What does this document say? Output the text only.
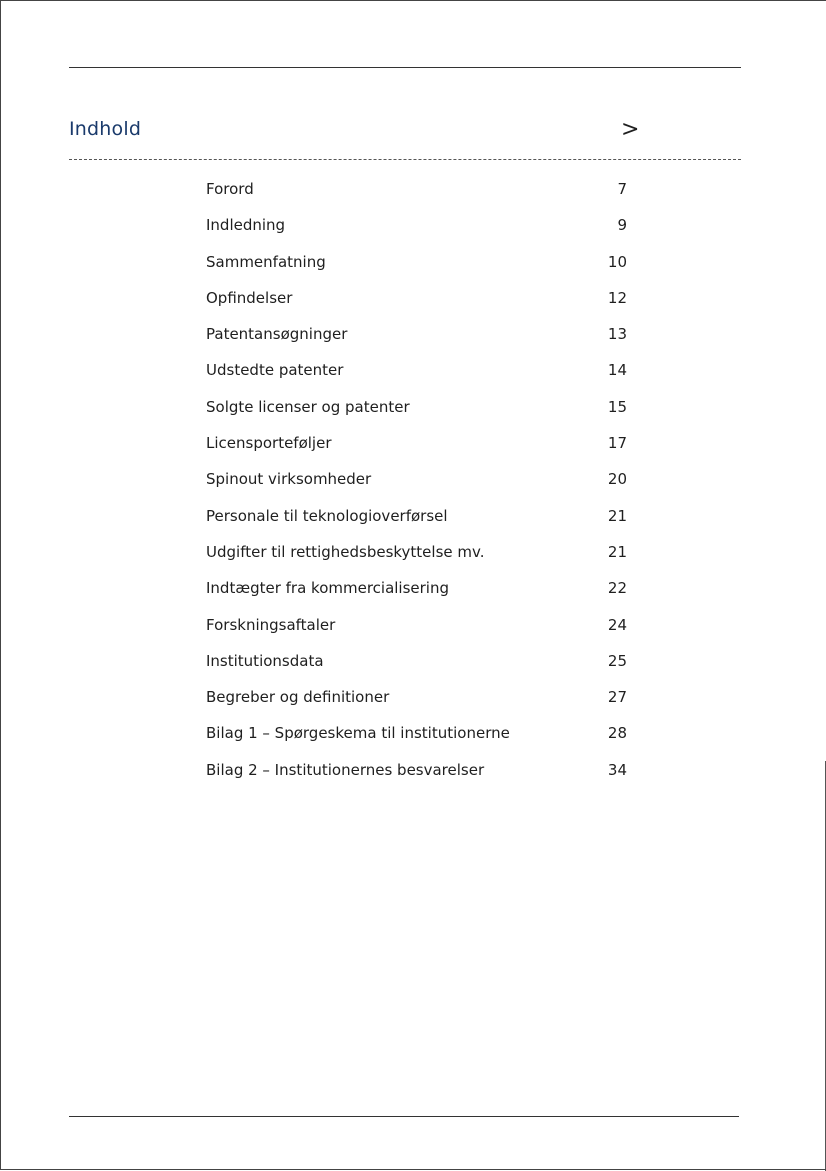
Indhold	>
Forord	7
Indledning	9
Sammenfatning	10
Opfindelser	12
Patentansøgninger	13
Udstedte patenter	14
Solgte licenser og patenter	15
Licensporteføljer	17
Spinout virksomheder	20
Personale til teknologioverførsel	21
Udgifter til rettighedsbeskyttelse mv.	21
Indtægter fra kommercialisering	22
Forskningsaftaler	24
Institutionsdata	25
Begreber og definitioner	27
Bilag 1 – Spørgeskema til institutionerne	28
Bilag 2 – Institutionernes besvarelser	34
